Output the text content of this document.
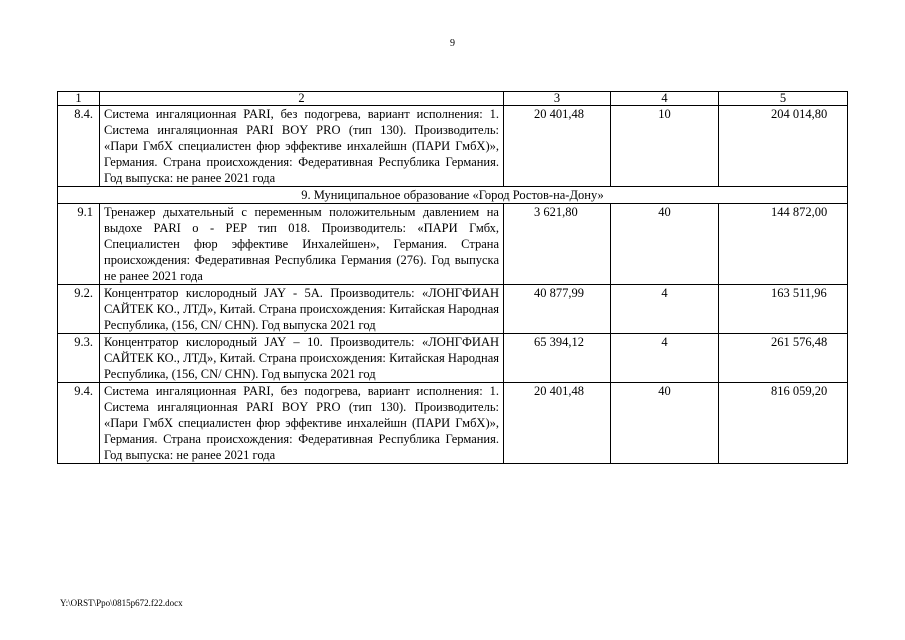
9
1	2	3	4	5
8.4.	Система ингаляционная PARI, без подогрева, вариант исполнения: 1. Система ингаляционная PARI BOY PRO (тип 130). Производитель: «Пари ГмбХ специалистен фюр эффективе инхалейшн (ПАРИ ГмбХ)», Германия. Страна происхождения: Федеративная Республика Германия. Год выпуска: не ранее 2021 года	20 401,48	10	204 014,80
9. Муниципальное образование «Город Ростов-на-Дону»				
9.1	Тренажер дыхательный с переменным положительным давлением на выдохе PARI o - PEP тип 018. Производитель: «ПАРИ Гмбх, Специалистен фюр эффективе Инхалейшен», Германия. Страна происхождения: Федеративная Республика Германия (276). Год выпуска не ранее 2021 года	3 621,80	40	144 872,00
9.2.	Концентратор кислородный JAY - 5A. Производитель: «ЛОНГФИАН САЙТЕК КО., ЛТД», Китай. Страна происхождения: Китайская Народная Республика, (156, CN/ CHN). Год выпуска 2021 год	40 877,99	4	163 511,96
9.3.	Концентратор кислородный JAY – 10. Производитель: «ЛОНГФИАН САЙТЕК КО., ЛТД», Китай. Страна происхождения: Китайская Народная Республика, (156, CN/ CHN). Год выпуска 2021 год	65 394,12	4	261 576,48
9.4.	Система ингаляционная PARI, без подогрева, вариант исполнения: 1. Система ингаляционная PARI BOY PRO (тип 130). Производитель: «Пари ГмбХ специалистен фюр эффективе инхалейшн (ПАРИ ГмбХ)», Германия. Страна происхождения: Федеративная Республика Германия. Год выпуска: не ранее 2021 года	20 401,48	40	816 059,20
Y:\ORST\Ppo\0815p672.f22.docx
